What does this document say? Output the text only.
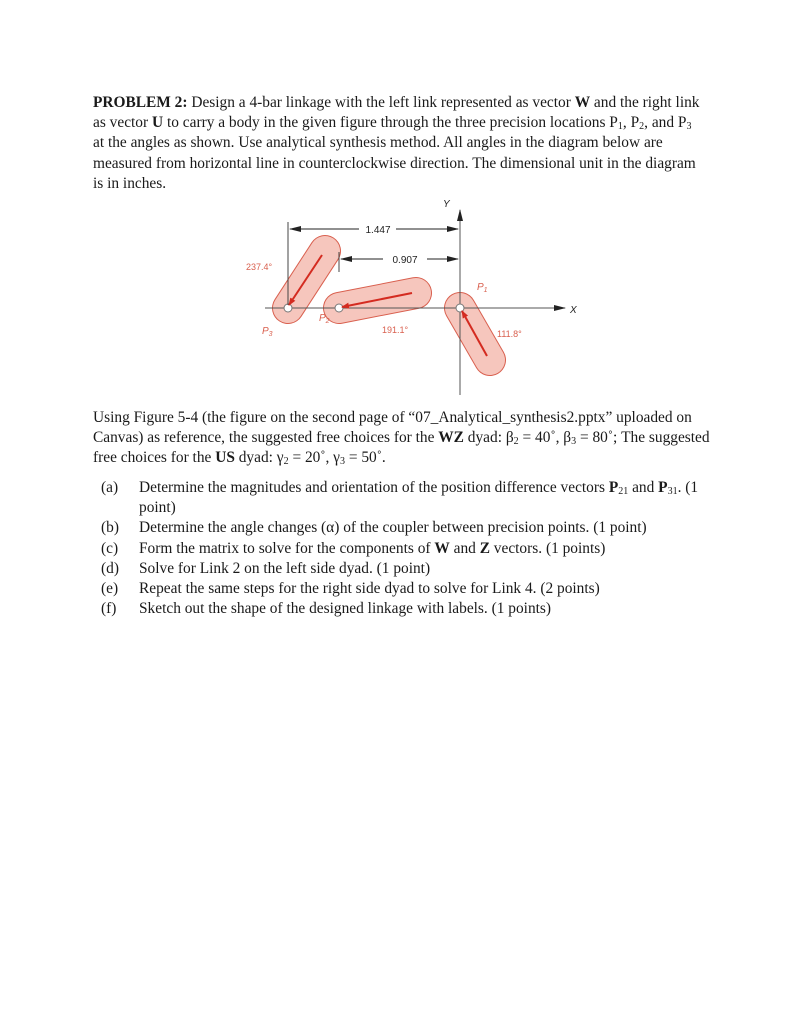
PROBLEM 2: Design a 4-bar linkage with the left link represented as vector W and the right link as vector U to carry a body in the given figure through the three precision locations $P_1$, $P_2$, and $P_3$ at the angles as shown. Use analytical synthesis method. All angles in the diagram below are measured from horizontal line in counterclockwise direction. The dimensional unit in the diagram is in inches.

1.447
0.907
237.4°
191.1°	111.8°
$P_3$
$P_2$
$P_1$
X
Y

Using Figure 5-4 (the figure on the second page of “07_Analytical_synthesis2.pptx” uploaded on Canvas) as reference, the suggested free choices for the WZ dyad: $\beta_2$ = 40˚, $\beta_3$ = 80˚; The suggested free choices for the US dyad: $\gamma_2$ = 20˚, $\gamma_3$ = 50˚.

(a) Determine the magnitudes and orientation of the position difference vectors $P_{21}$ and $P_{31}$. (1 point)
(b) Determine the angle changes (α) of the coupler between precision points. (1 point)
(c) Form the matrix to solve for the components of W and Z vectors. (1 points)
(d) Solve for Link 2 on the left side dyad. (1 point)
(e) Repeat the same steps for the right side dyad to solve for Link 4. (2 points)
(f) Sketch out the shape of the designed linkage with labels. (1 points)
